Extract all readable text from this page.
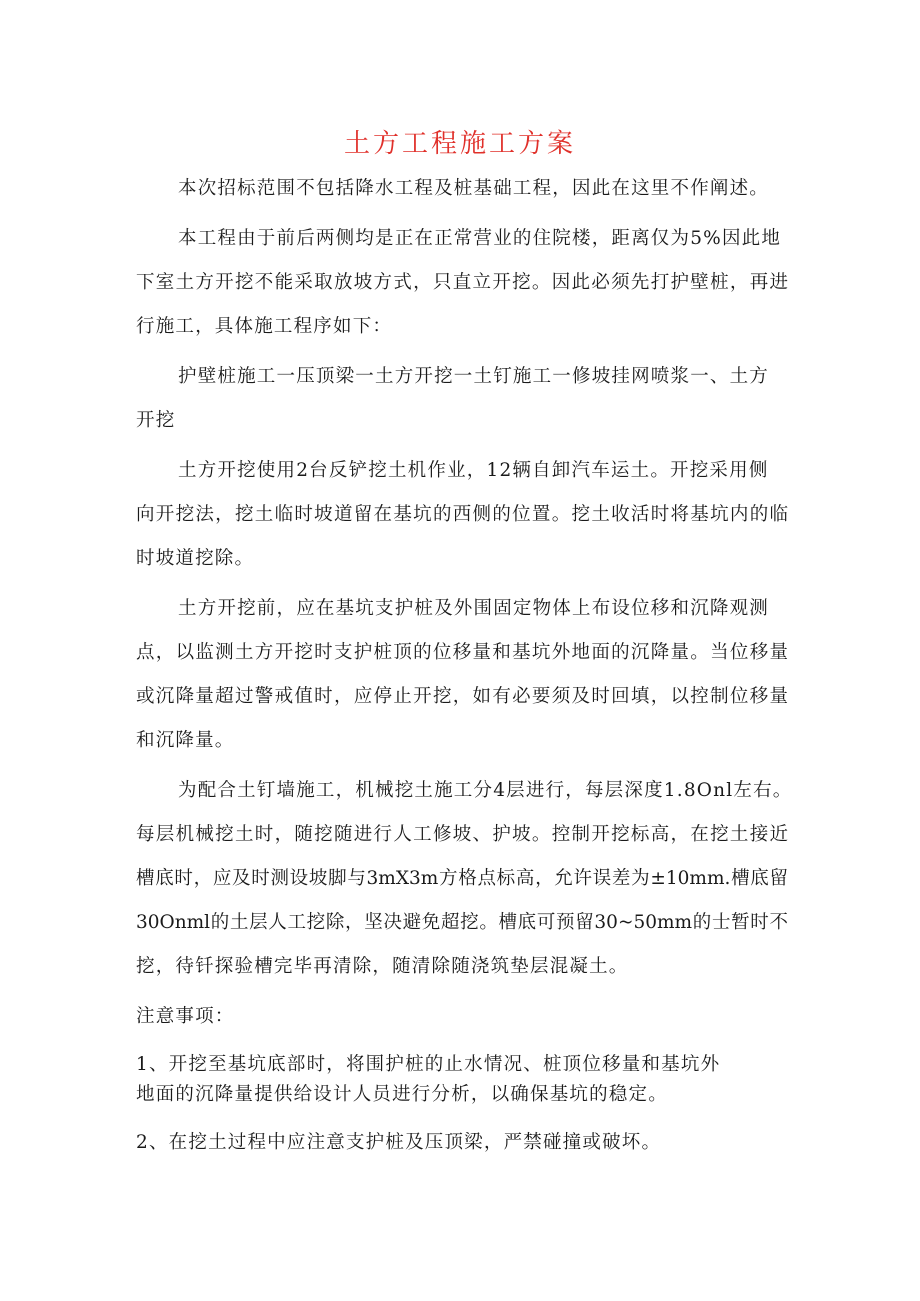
土方工程施工方案

本次招标范围不包括降水工程及桩基础工程，因此在这里不作阐述。

本工程由于前后两侧均是正在正常营业的住院楼，距离仅为5%因此地

下室土方开挖不能采取放坡方式，只直立开挖。因此必须先打护壁桩，再进

行施工，具体施工程序如下：

护壁桩施工一压顶梁一土方开挖一土钉施工一修坡挂网喷浆一、土方

开挖

土方开挖使用2台反铲挖土机作业，12辆自卸汽车运土。开挖采用侧

向开挖法，挖土临时坡道留在基坑的西侧的位置。挖土收活时将基坑内的临

时坡道挖除。

土方开挖前，应在基坑支护桩及外围固定物体上布设位移和沉降观测

点，以监测土方开挖时支护桩顶的位移量和基坑外地面的沉降量。当位移量

或沉降量超过警戒值时，应停止开挖，如有必要须及时回填，以控制位移量

和沉降量。

为配合土钉墙施工，机械挖土施工分4层进行，每层深度1.8Onl左右。

每层机械挖土时，随挖随进行人工修坡、护坡。控制开挖标高，在挖土接近

槽底时，应及时测设坡脚与3mX3m方格点标高，允许误差为±10mm.槽底留

30Onml的土层人工挖除，坚决避免超挖。槽底可预留30~50mm的士暂时不

挖，待钎探验槽完毕再清除，随清除随浇筑垫层混凝土。

注意事项：

1、开挖至基坑底部时，将围护桩的止水情况、桩顶位移量和基坑外

地面的沉降量提供给设计人员进行分析，以确保基坑的稳定。

2、在挖土过程中应注意支护桩及压顶梁，严禁碰撞或破坏。
